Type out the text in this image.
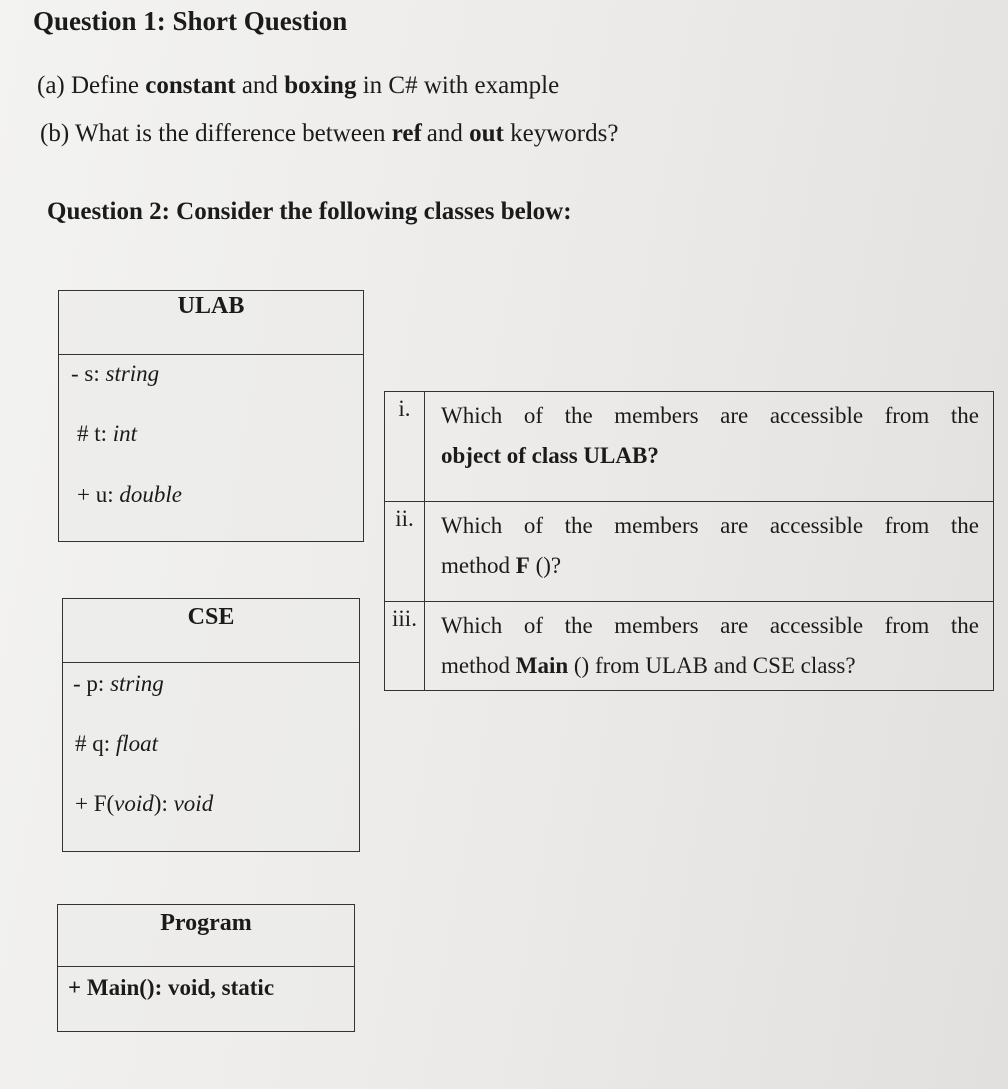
Question 1: Short Question
(a) Define constant and boxing in C# with example
(b) What is the difference between ref and out keywords?
Question 2: Consider the following classes below:
ULAB
- s: string
# t: int
+ u: double
CSE
- p: string
# q: float
+ F(void): void
Program
+ Main(): void, static
i.	Which of the members are accessible from the
object of class ULAB?
ii.	Which of the members are accessible from the
method F ()?
iii.	Which of the members are accessible from the
method Main () from ULAB and CSE class?
